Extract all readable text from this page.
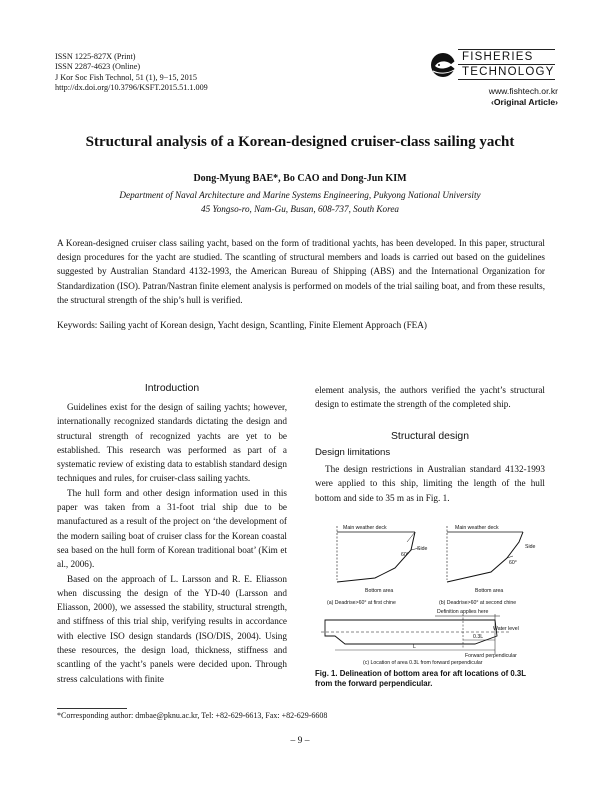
ISSN 1225-827X (Print)
ISSN 2287-4623 (Online)
J Kor Soc Fish Technol, 51 (1), 9−15, 2015
http://dx.doi.org/10.3796/KSFT.2015.51.1.009
FISHERIES
TECHNOLOGY
www.fishtech.or.kr
‹Original Article›
Structural analysis of a Korean-designed cruiser-class sailing yacht
Dong-Myung BAE*, Bo CAO and Dong-Jun KIM
Department of Naval Architecture and Marine Systems Engineering, Pukyong National University
45 Yongso-ro, Nam-Gu, Busan, 608-737, South Korea
A Korean-designed cruiser class sailing yacht, based on the form of traditional yachts, has been developed. In this paper, structural design procedures for the yacht are studied. The scantling of structural members and loads is carried out based on the guidelines suggested by Australian Standard 4132-1993, the American Bureau of Shipping (ABS) and the International Organization for Standardization (ISO). Patran/Nastran finite element analysis is performed on models of the trial sailing boat, and from these results, the structural strength of the ship’s hull is verified.
Keywords: Sailing yacht of Korean design, Yacht design, Scantling, Finite Element Approach (FEA)
Introduction

Guidelines exist for the design of sailing yachts; however, internationally recognized standards dictating the design and structural strength of recognized yachts are yet to be established. This research was performed as part of a systematic review of existing data to establish standard design techniques and rules, for cruiser-class sailing yachts.

The hull form and other design information used in this paper was taken from a 31-foot trial ship due to be manufactured as a result of the project on ‘the development of the modern sailing boat of cruiser class for the Korean coastal sea based on the hull form of Korean traditional boat’ (Kim et al., 2006).

Based on the approach of L. Larsson and R. E. Eliasson when discussing the design of the YD-40 (Larsson and Eliasson, 2000), we assessed the stability, structural strength, and stiffness of this trial ship, verifying results in accordance with elective ISO design standards (ISO/DIS, 2004). Using these resources, the design load, thickness, stiffness and scantling of the yacht’s panels were decided upon. Through stress calculations with finite

element analysis, the authors verified the yacht’s structural design to estimate the strength of the completed ship.
Structural design
Design limitations

The design restrictions in Australian standard 4132-1993 were applied to this ship, limiting the length of the hull bottom and side to 35 m as in Fig. 1.

Main weather deck
Side
60°
Bottom area
(a) Deadrise>60° at first chine
Main weather deck
Side
60°
Bottom area
(b) Deadrise>60° at second chine
Definition applies here
Water level
0.3L
L
Forward perpendicular
(c) Location of area 0.3L from forward perpendicular
Fig. 1. Delineation of bottom area for aft locations of 0.3L from the forward perpendicular.
*Corresponding author: dmbae@pknu.ac.kr, Tel: +82-629-6613, Fax: +82-629-6608
– 9 –
